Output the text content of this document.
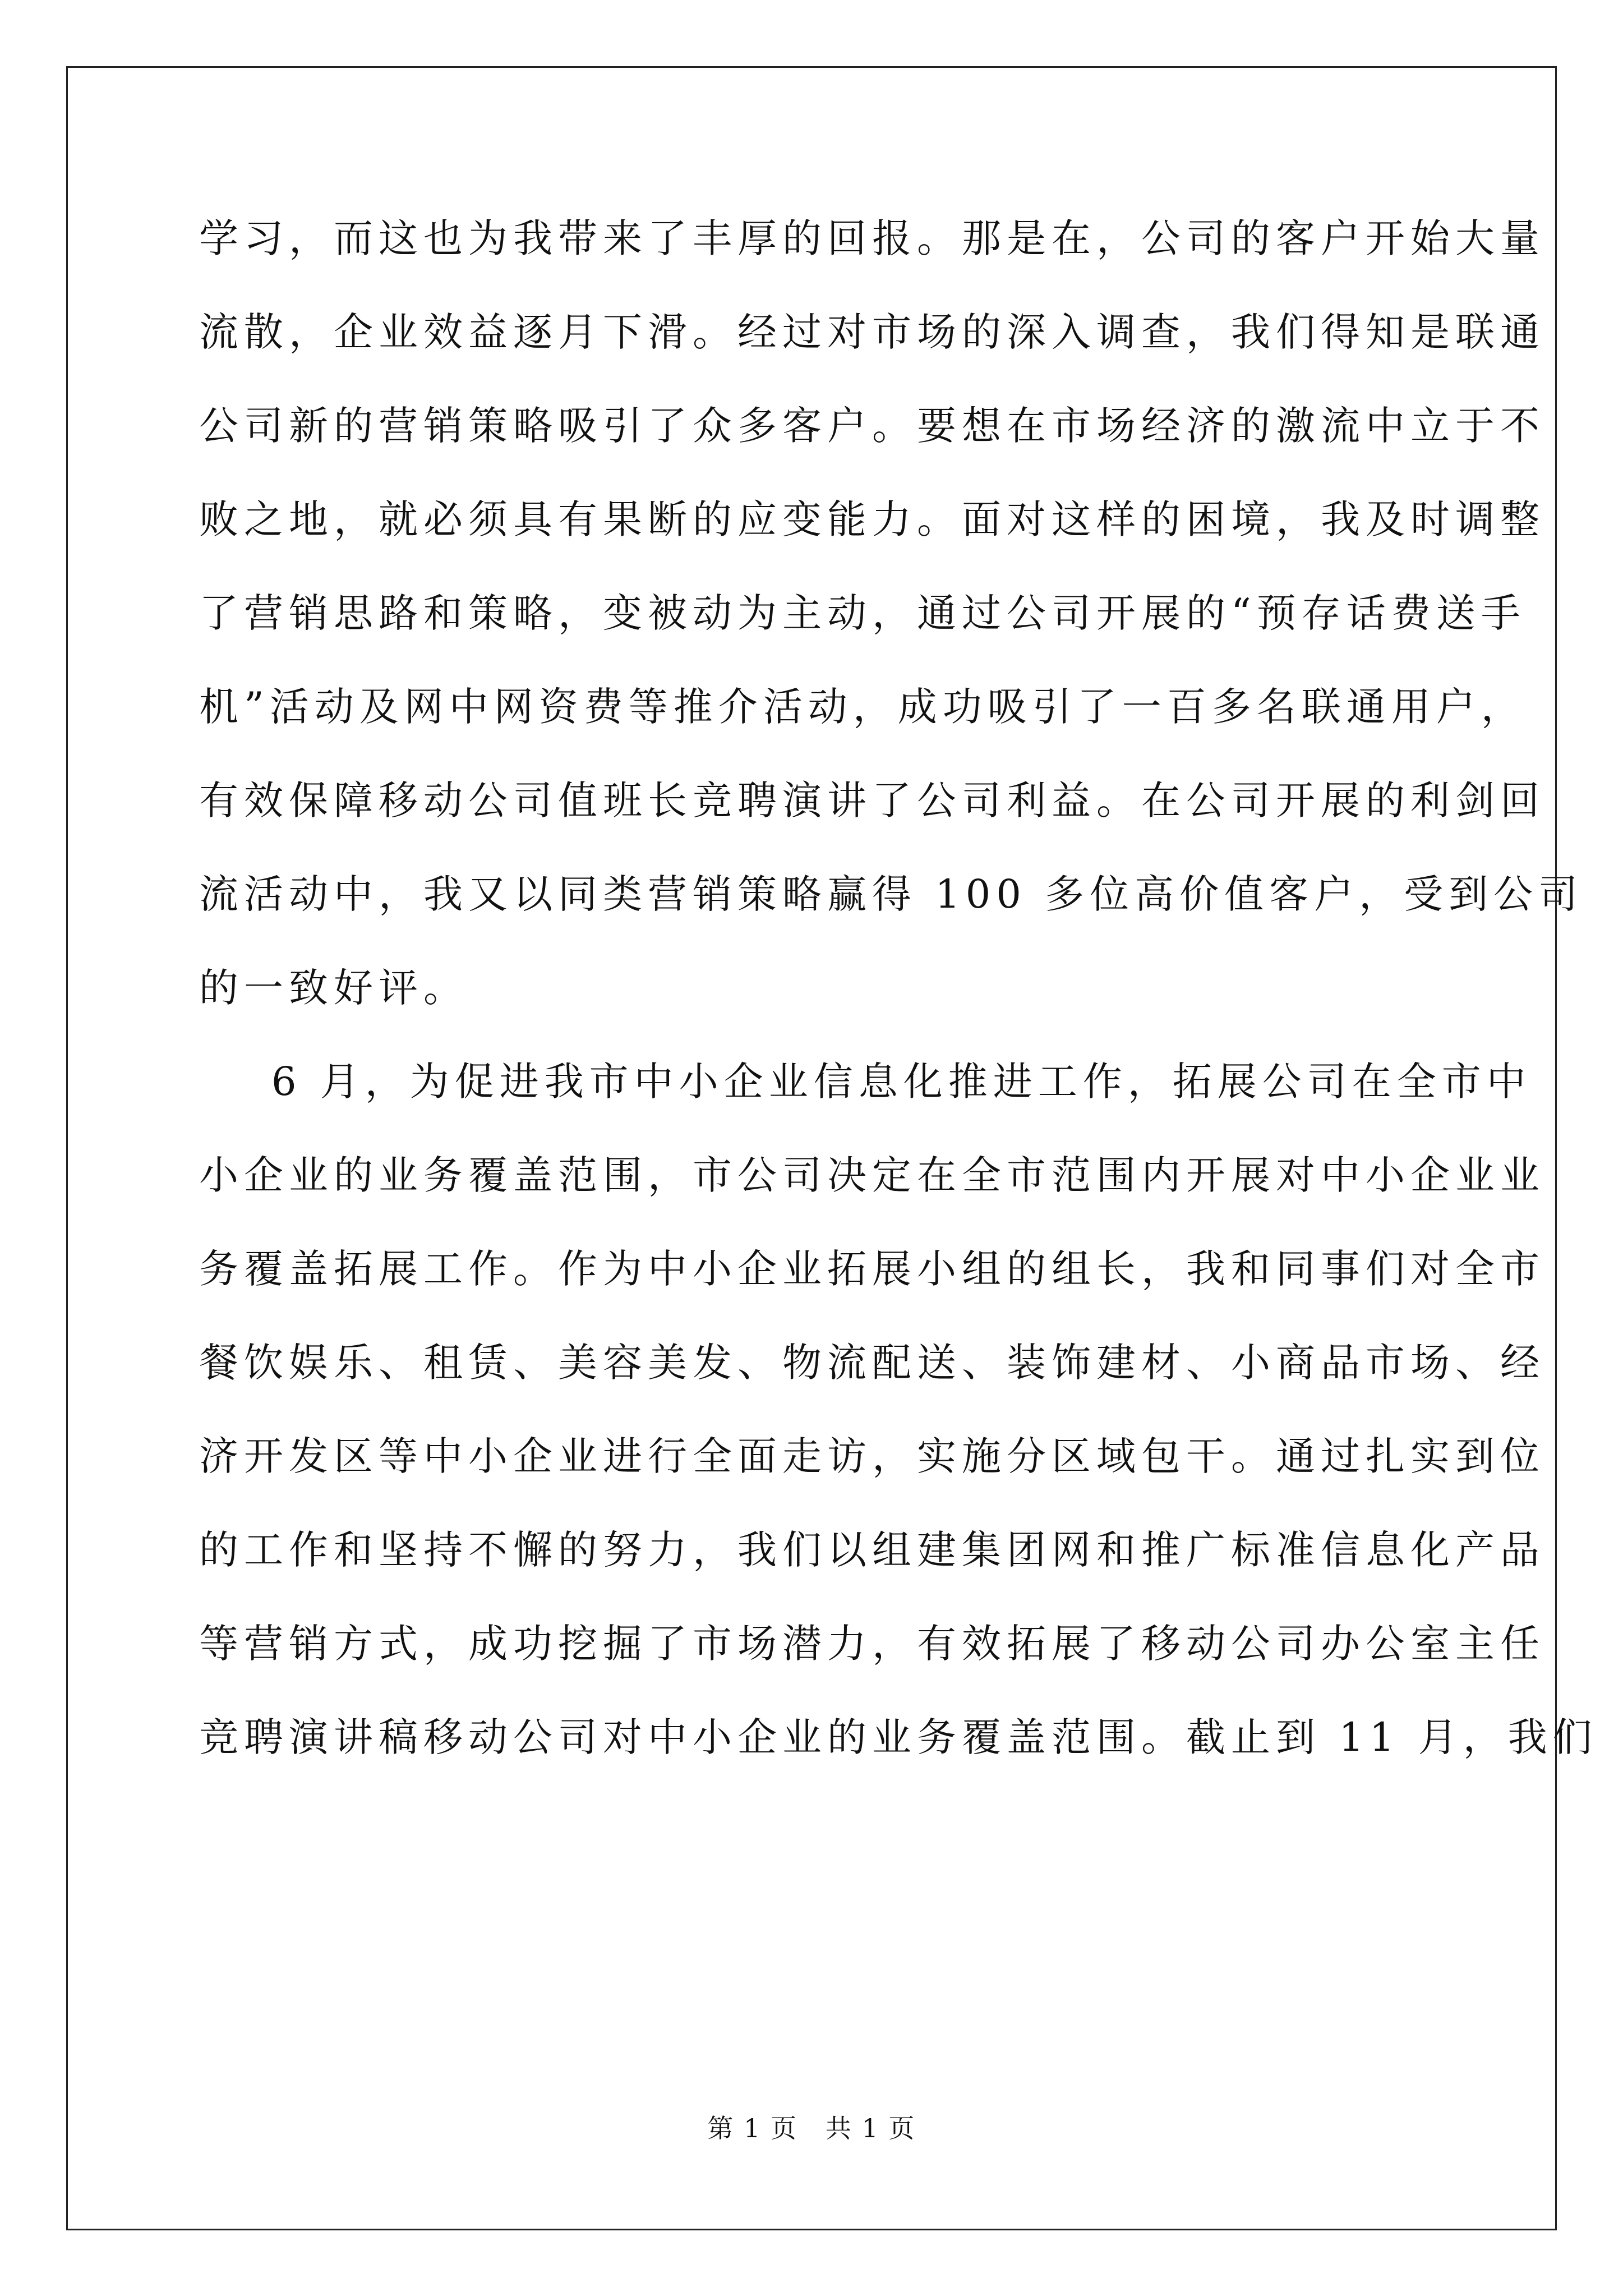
学习，而这也为我带来了丰厚的回报。那是在，公司的客户开始大量
流散，企业效益逐月下滑。经过对市场的深入调查，我们得知是联通
公司新的营销策略吸引了众多客户。要想在市场经济的激流中立于不
败之地，就必须具有果断的应变能力。面对这样的困境，我及时调整
了营销思路和策略，变被动为主动，通过公司开展的“预存话费送手
机”活动及网中网资费等推介活动，成功吸引了一百多名联通用户，
有效保障移动公司值班长竞聘演讲了公司利益。在公司开展的利剑回
流活动中，我又以同类营销策略赢得 100 多位高价值客户，受到公司
的一致好评。
6 月，为促进我市中小企业信息化推进工作，拓展公司在全市中
小企业的业务覆盖范围，市公司决定在全市范围内开展对中小企业业
务覆盖拓展工作。作为中小企业拓展小组的组长，我和同事们对全市
餐饮娱乐、租赁、美容美发、物流配送、装饰建材、小商品市场、经
济开发区等中小企业进行全面走访，实施分区域包干。通过扎实到位
的工作和坚持不懈的努力，我们以组建集团网和推广标准信息化产品
等营销方式，成功挖掘了市场潜力，有效拓展了移动公司办公室主任
竞聘演讲稿移动公司对中小企业的业务覆盖范围。截止到 11 月，我们
第 1 页   共 1 页
